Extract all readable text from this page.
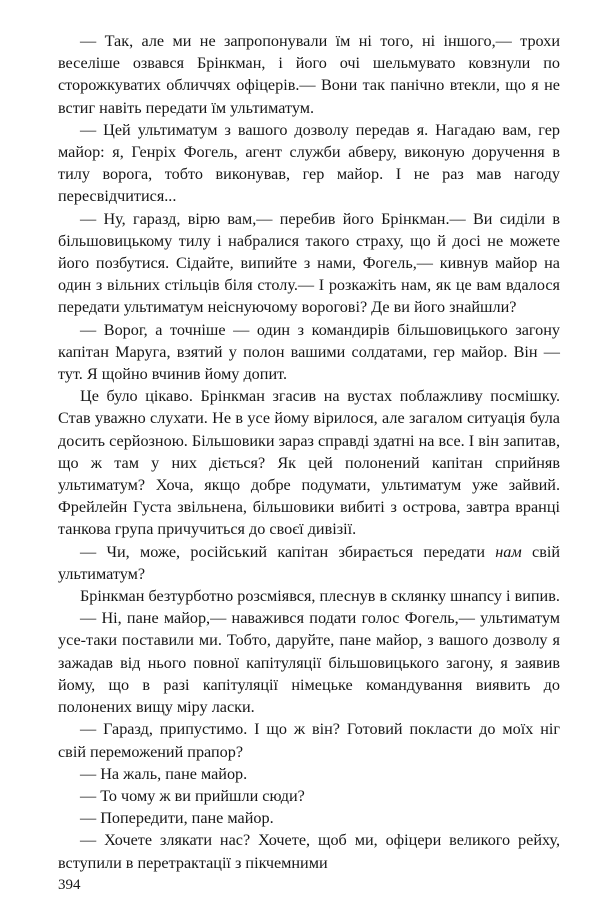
— Так, але ми не запропонували їм ні того, ні іншого,— трохи веселіше озвався Брінкман, і його очі шельмувато ковзнули по сторожкуватих обличчях офіцерів.— Вони так панічно втекли, що я не встиг навіть передати їм ультиматум.

— Цей ультиматум з вашого дозволу передав я. Нагадаю вам, гер майор: я, Генріх Фогель, агент служби абверу, виконую доручення в тилу ворога, тобто виконував, гер майор. І не раз мав нагоду пересвідчитися...

— Ну, гаразд, вірю вам,— перебив його Брінкман.— Ви сиділи в більшовицькому тилу і набралися такого страху, що й досі не можете його позбутися. Сідайте, випийте з нами, Фогель,— кивнув майор на один з вільних стільців біля столу.— І розкажіть нам, як це вам вдалося передати ультиматум неіснуючому ворогові? Де ви його знайшли?

— Ворог, а точніше — один з командирів більшовицького загону капітан Маруга, взятий у полон вашими солдатами, гер майор. Він — тут. Я щойно вчинив йому допит.

Це було цікаво. Брінкман згасив на вустах поблажливу посмішку. Став уважно слухати. Не в усе йому вірилося, але загалом ситуація була досить серйозною. Більшовики зараз справді здатні на все. І він запитав, що ж там у них діється? Як цей полонений капітан сприйняв ультиматум? Хоча, якщо добре подумати, ультиматум уже зайвий. Фрейлейн Густа звільнена, більшовики вибиті з острова, завтра вранці танкова група причучиться до своєї дивізії.

— Чи, може, російський капітан збирається передати нам свій ультиматум?

Брінкман безтурботно розсміявся, плеснув в склянку шнапсу і випив.

— Ні, пане майор,— наважився подати голос Фогель,— ультиматум усе-таки поставили ми. Тобто, даруйте, пане майор, з вашого дозволу я зажадав від нього повної капітуляції більшовицького загону, я заявив йому, що в разі капітуляції німецьке командування виявить до полонених вищу міру ласки.

— Гаразд, припустимо. І що ж він? Готовий покласти до моїх ніг свій переможений прапор?

— На жаль, пане майор.

— То чому ж ви прийшли сюди?

— Попередити, пане майор.

— Хочете злякати нас? Хочете, щоб ми, офіцери великого рейху, вступили в перетрактації з пікчемними

394
